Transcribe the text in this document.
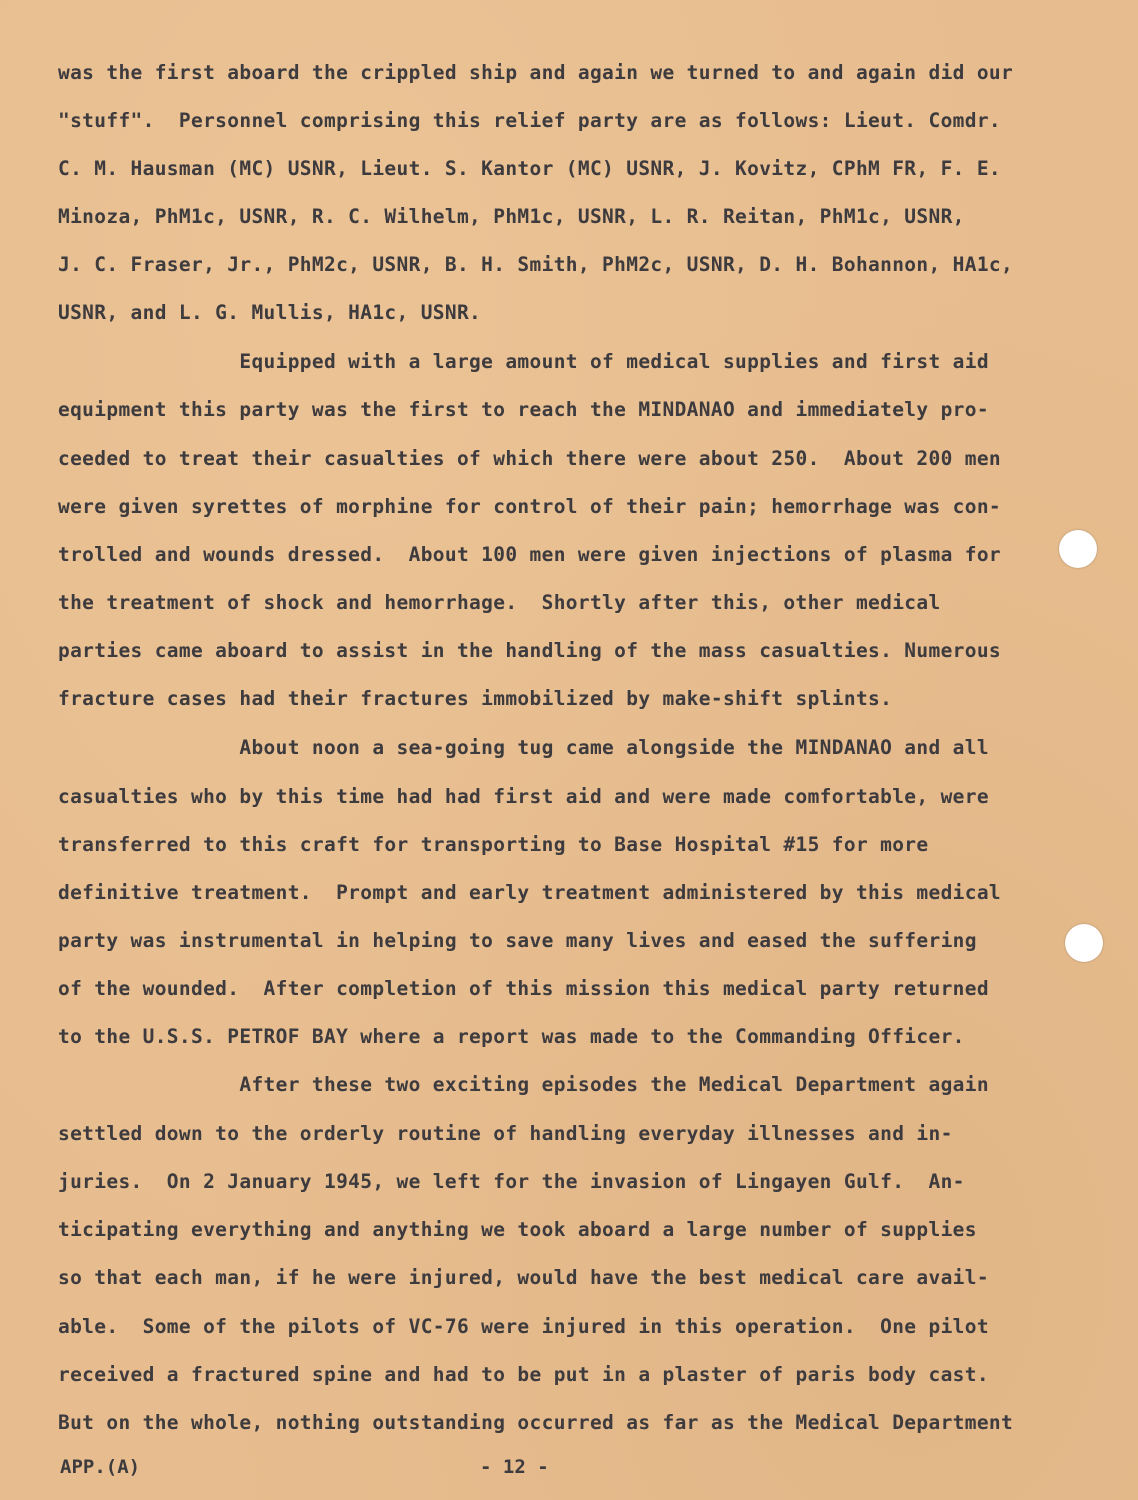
was the first aboard the crippled ship and again we turned to and again did our

"stuff".  Personnel comprising this relief party are as follows: Lieut. Comdr.

C. M. Hausman (MC) USNR, Lieut. S. Kantor (MC) USNR, J. Kovitz, CPhM FR, F. E.

Minoza, PhM1c, USNR, R. C. Wilhelm, PhM1c, USNR, L. R. Reitan, PhM1c, USNR,

J. C. Fraser, Jr., PhM2c, USNR, B. H. Smith, PhM2c, USNR, D. H. Bohannon, HA1c,

USNR, and L. G. Mullis, HA1c, USNR.

Equipped with a large amount of medical supplies and first aid

equipment this party was the first to reach the MINDANAO and immediately pro-

ceeded to treat their casualties of which there were about 250.  About 200 men

were given syrettes of morphine for control of their pain; hemorrhage was con-

trolled and wounds dressed.  About 100 men were given injections of plasma for

the treatment of shock and hemorrhage.  Shortly after this, other medical

parties came aboard to assist in the handling of the mass casualties. Numerous

fracture cases had their fractures immobilized by make-shift splints.

About noon a sea-going tug came alongside the MINDANAO and all

casualties who by this time had had first aid and were made comfortable, were

transferred to this craft for transporting to Base Hospital #15 for more

definitive treatment.  Prompt and early treatment administered by this medical

party was instrumental in helping to save many lives and eased the suffering

of the wounded.  After completion of this mission this medical party returned

to the U.S.S. PETROF BAY where a report was made to the Commanding Officer.

After these two exciting episodes the Medical Department again

settled down to the orderly routine of handling everyday illnesses and in-

juries.  On 2 January 1945, we left for the invasion of Lingayen Gulf.  An-

ticipating everything and anything we took aboard a large number of supplies

so that each man, if he were injured, would have the best medical care avail-

able.  Some of the pilots of VC-76 were injured in this operation.  One pilot

received a fractured spine and had to be put in a plaster of paris body cast.

But on the whole, nothing outstanding occurred as far as the Medical Department

APP.(A)	- 12 -
